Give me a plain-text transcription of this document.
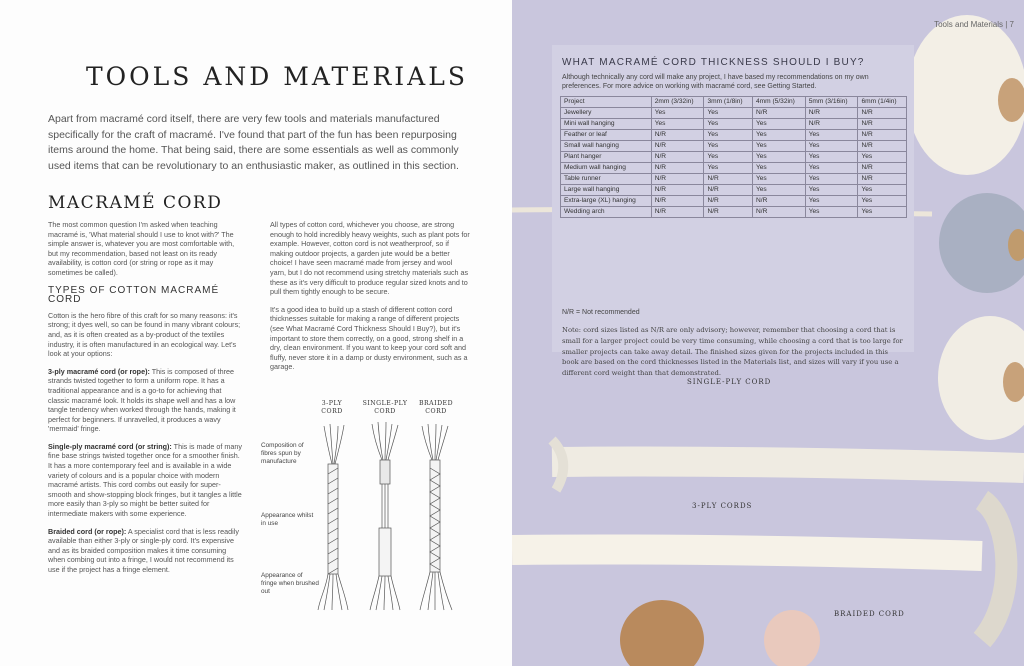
TOOLS AND MATERIALS
Apart from macramé cord itself, there are very few tools and materials manufactured specifically for the craft of macramé. I've found that part of the fun has been repurposing items around the home. That being said, there are some essentials as well as commonly used items that can be revolutionary to an enthusiastic maker, as outlined in this section.
MACRAMÉ CORD

The most common question I'm asked when teaching macramé is, 'What material should I use to knot with?' The simple answer is, whatever you are most comfortable with, but my recommendation, based not least on its ready availability, is cotton cord (or string or rope as it may sometimes be called).

TYPES OF COTTON MACRAMÉ CORD

Cotton is the hero fibre of this craft for so many reasons: it's strong; it dyes well, so can be found in many vibrant colours; and, as it is often created as a by-product of the textiles industry, it is often manufactured in an ecological way. Let's look at your options:

3-ply macramé cord (or rope): This is composed of three strands twisted together to form a uniform rope. It has a traditional appearance and is a go-to for achieving that classic macramé look. It holds its shape well and has a low tangle tendency when worked through the hands, making it perfect for beginners. If unravelled, it produces a wavy 'mermaid' fringe.

Single-ply macramé cord (or string): This is made of many fine base strings twisted together once for a smoother finish. It has a more contemporary feel and is available in a wide variety of colours and is a popular choice with modern macramé artists. This cord combs out easily for super-smooth and show-stopping block fringes, but it tangles a little more easily than 3-ply so might be better suited for intermediate makers with some experience.

Braided cord (or rope): A specialist cord that is less readily available than either 3-ply or single-ply cord. It's expensive and as its braided composition makes it time consuming when combing out into a fringe, I would not recommend its use if the project has a fringe element.

All types of cotton cord, whichever you choose, are strong enough to hold incredibly heavy weights, such as plant pots for example. However, cotton cord is not weatherproof, so if making outdoor projects, a garden jute would be a better choice! I have seen macramé made from jersey and wool yarn, but I do not recommend using stretchy materials such as these as it's very difficult to produce regular sized knots and to pull them tightly enough to be secure.

It's a good idea to build up a stash of different cotton cord thicknesses suitable for making a range of different projects (see What Macramé Cord Thickness Should I Buy?), but it's important to store them correctly, on a good, strong shelf in a dry, clean environment. If you want to keep your cord soft and fluffy, never store it in a damp or dusty environment, such as a garage.

3-PLY CORD
SINGLE-PLY CORD
BRAIDED CORD
Composition of fibres spun by manufacture
Appearance whilst in use
Appearance of fringe when brushed out
Tools and Materials | 7
WHAT MACRAMÉ CORD THICKNESS SHOULD I BUY?
Although technically any cord will make any project, I have based my recommendations on my own preferences. For more advice on working with macramé cord, see Getting Started.
Project	2mm (3/32in)	3mm (1/8in)	4mm (5/32in)	5mm (3/16in)	6mm (1/4in)
Jewellery	Yes	Yes	N/R	N/R	N/R
Mini wall hanging	Yes	Yes	Yes	N/R	N/R
Feather or leaf	N/R	Yes	Yes	Yes	N/R
Small wall hanging	N/R	Yes	Yes	Yes	N/R
Plant hanger	N/R	Yes	Yes	Yes	Yes
Medium wall hanging	N/R	Yes	Yes	Yes	N/R
Table runner	N/R	N/R	Yes	Yes	N/R
Large wall hanging	N/R	N/R	Yes	Yes	Yes
Extra-large (XL) hanging	N/R	N/R	N/R	Yes	Yes
Wedding arch	N/R	N/R	N/R	Yes	Yes
N/R = Not recommended
Note: cord sizes listed as N/R are only advisory; however, remember that choosing a cord that is small for a larger project could be very time consuming, while choosing a cord that is too large for smaller projects can take away detail. The finished sizes given for the projects included in this book are based on the cord thicknesses listed in the Materials list, and sizes will vary if you use a different cord weight than that demonstrated.
SINGLE-PLY CORD
3-PLY CORDS
BRAIDED CORD
